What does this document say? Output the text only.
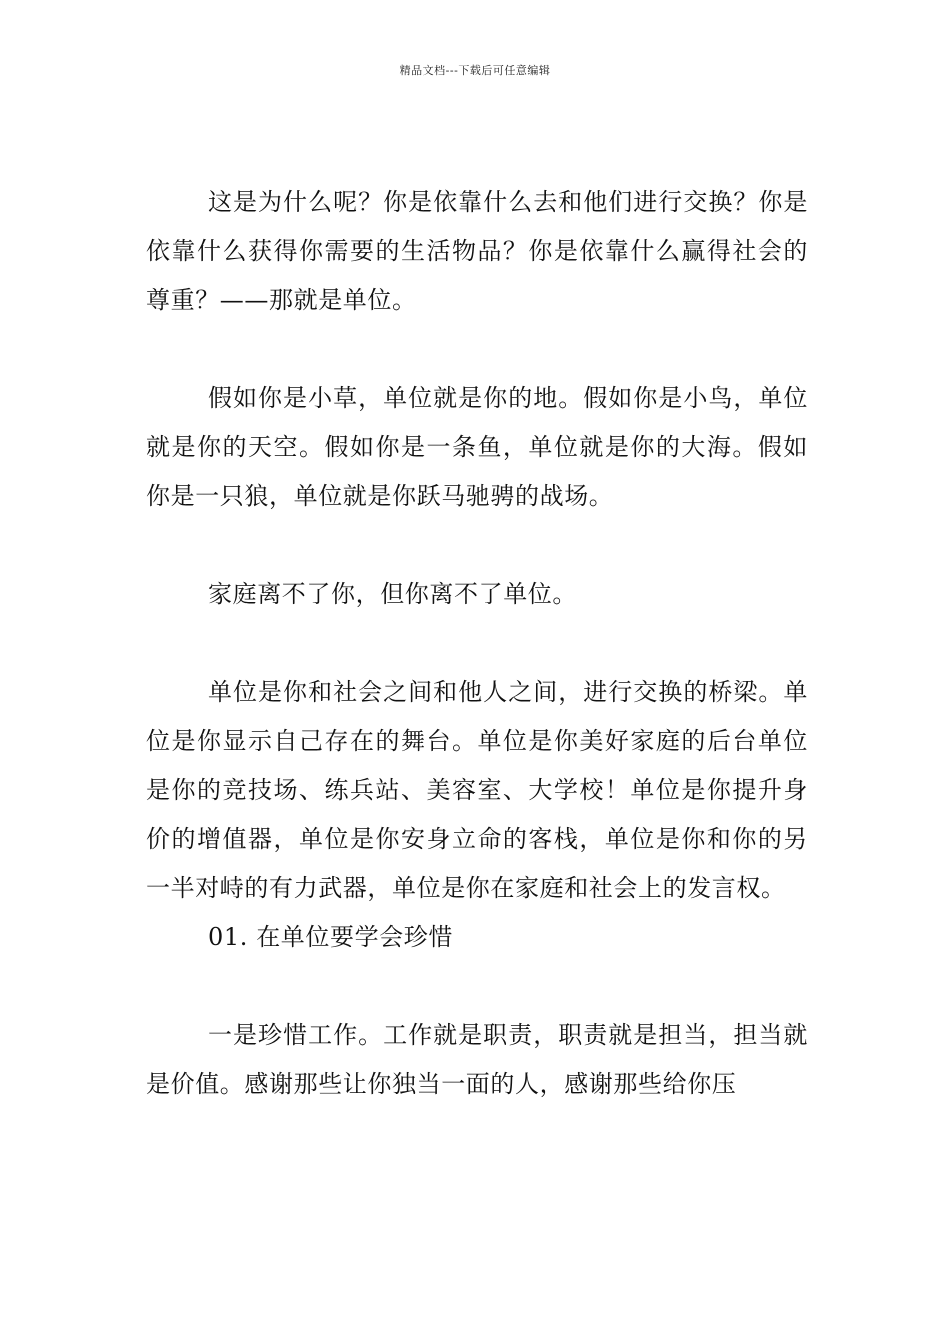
精品文档---下载后可任意编辑

这是为什么呢？你是依靠什么去和他们进行交换？你是依靠什么获得你需要的生活物品？你是依靠什么赢得社会的尊重？——那就是单位。

假如你是小草，单位就是你的地。假如你是小鸟，单位就是你的天空。假如你是一条鱼，单位就是你的大海。假如你是一只狼，单位就是你跃马驰骋的战场。

家庭离不了你，但你离不了单位。

单位是你和社会之间和他人之间，进行交换的桥梁。单位是你显示自己存在的舞台。单位是你美好家庭的后台单位是你的竞技场、练兵站、美容室、大学校！单位是你提升身价的增值器，单位是你安身立命的客栈，单位是你和你的另一半对峙的有力武器，单位是你在家庭和社会上的发言权。

01. 在单位要学会珍惜

一是珍惜工作。工作就是职责，职责就是担当，担当就是价值。感谢那些让你独当一面的人，感谢那些给你压
